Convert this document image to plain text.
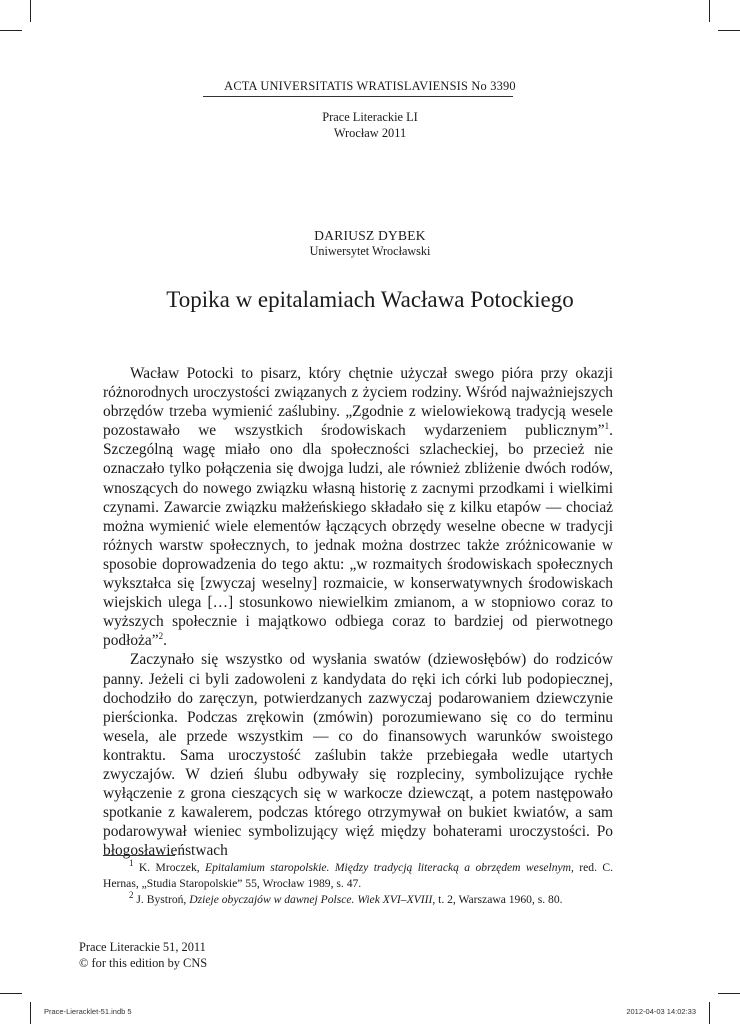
ACTA UNIVERSITATIS WRATISLAVIENSIS No 3390
Prace Literackie LI
Wrocław 2011
DARIUSZ DYBEK
Uniwersytet Wrocławski
Topika w epitalamiach Wacława Potockiego

Wacław Potocki to pisarz, który chętnie użyczał swego pióra przy okazji różnorodnych uroczystości związanych z życiem rodziny. Wśród najważniejszych obrzędów trzeba wymienić zaślubiny. „Zgodnie z wielowiekową tradycją wesele pozostawało we wszystkich środowiskach wydarzeniem publicznym”$^1$. Szczególną wagę miało ono dla społeczności szlacheckiej, bo przecież nie oznaczało tylko połączenia się dwojga ludzi, ale również zbliżenie dwóch rodów, wnoszących do nowego związku własną historię z zacnymi przodkami i wielkimi czynami. Zawarcie związku małżeńskiego składało się z kilku etapów — chociaż można wymienić wiele elementów łączących obrzędy weselne obecne w tradycji różnych warstw społecznych, to jednak można dostrzec także zróżnicowanie w sposobie doprowadzenia do tego aktu: „w rozmaitych środowiskach społecznych wykształca się [zwyczaj weselny] rozmaicie, w konserwatywnych środowiskach wiejskich ulega […] stosunkowo niewielkim zmianom, a w stopniowo coraz to wyższych społecznie i majątkowo odbiega coraz to bardziej od pierwotnego podłoża”$^2$.

Zaczynało się wszystko od wysłania swatów (dziewosłębów) do rodziców panny. Jeżeli ci byli zadowoleni z kandydata do ręki ich córki lub podopiecznej, dochodziło do zaręczyn, potwierdzanych zazwyczaj podarowaniem dziewczynie pierścionka. Podczas zrękowin (zmówin) porozumiewano się co do terminu wesela, ale przede wszystkim — co do finansowych warunków swoistego kontraktu. Sama uroczystość zaślubin także przebiegała wedle utartych zwyczajów. W dzień ślubu odbywały się rozpleciny, symbolizujące rychłe wyłączenie z grona cieszących się w warkocze dziewcząt, a potem następowało spotkanie z kawalerem, podczas którego otrzymywał on bukiet kwiatów, a sam podarowywał wieniec symbolizujący więź między bohaterami uroczystości. Po błogosławieństwach

$^1$ K. Mroczek, Epitalamium staropolskie. Między tradycją literacką a obrzędem weselnym, red. C. Hernas, „Studia Staropolskie” 55, Wrocław 1989, s. 47.

$^2$ J. Bystroń, Dzieje obyczajów w dawnej Polsce. Wiek XVI–XVIII, t. 2, Warszawa 1960, s. 80.

Prace Literackie 51, 2011
© for this edition by CNS
Prace-Lieracklet-51.indb 5	2012-04-03 14:02:33
